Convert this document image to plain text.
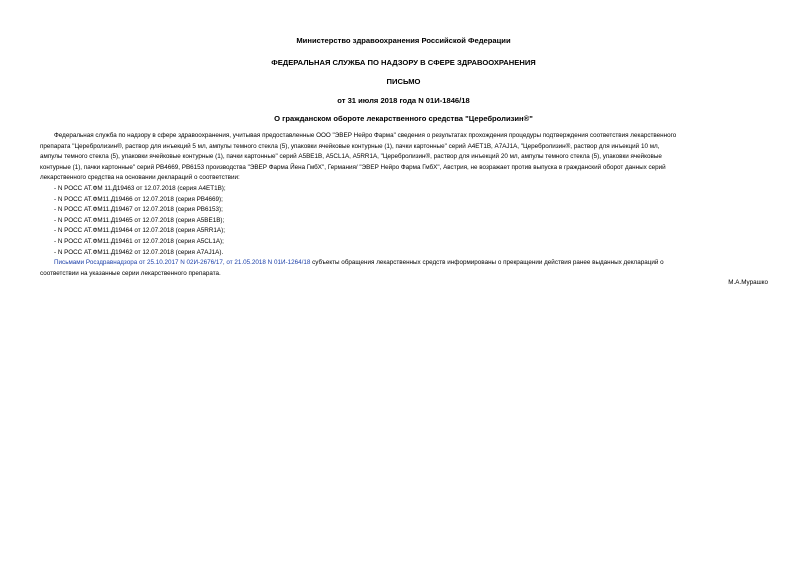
Министерство здравоохранения Российской Федерации
ФЕДЕРАЛЬНАЯ СЛУЖБА ПО НАДЗОРУ В СФЕРЕ ЗДРАВООХРАНЕНИЯ
ПИСЬМО
от 31 июля 2018 года N 01И-1846/18
О гражданском обороте лекарственного средства "Церебролизин®"
Федеральная служба по надзору в сфере здравоохранения, учитывая предоставленные ООО "ЭВЕР Нейро Фарма" сведения о результатах прохождения процедуры подтверждения соответствия лекарственного
препарата "Церебролизин®, раствор для инъекций 5 мл, ампулы темного стекла (5), упаковки ячейковые контурные (1), пачки картонные" серий А4ЕТ1В, А7AJ1А, "Церебролизин®, раствор для инъекций 10 мл,
ампулы темного стекла (5), упаковки ячейковые контурные (1), пачки картонные" серий А5ВЕ1В, А5CL1А, А5RR1А, "Церебролизин®, раствор для инъекций 20 мл, ампулы темного стекла (5), упаковки ячейковые
контурные (1), пачки картонные" серий РВ4669, РВ6153 производства "ЭВЕР Фарма Йена ГмбХ", Германия/ "ЭВЕР Нейро Фарма ГмбХ", Австрия, не возражает против выпуска в гражданский оборот данных серий
лекарственного средства на основании деклараций о соответствии:
- N РОСС AT.ФМ 11.Д19463 от 12.07.2018 (серия А4ЕТ1В);
- N РОСС AT.ФМ11.Д19466 от 12.07.2018 (серия РВ4669);
- N РОСС AT.ФМ11.Д19467 от 12.07.2018 (серия РВ6153);
- N РОСС AT.ФМ11.Д19465 от 12.07.2018 (серия А5ВЕ1В);
- N РОСС AT.ФМ11.Д19464 от 12.07.2018 (серия А5RR1А);
- N РОСС AT.ФМ11.Д19461 от 12.07.2018 (серия А5CL1А);
- N РОСС AT.ФМ11.Д19462 от 12.07.2018 (серия А7AJ1А).
Письмами Росздравнадзора от 25.10.2017 N 02И-2676/17, от 21.05.2018 N 01И-1264/18 субъекты обращения лекарственных средств информированы о прекращении действия ранее выданных деклараций о
соответствии на указанные серии лекарственного препарата.
М.А.Мурашко
